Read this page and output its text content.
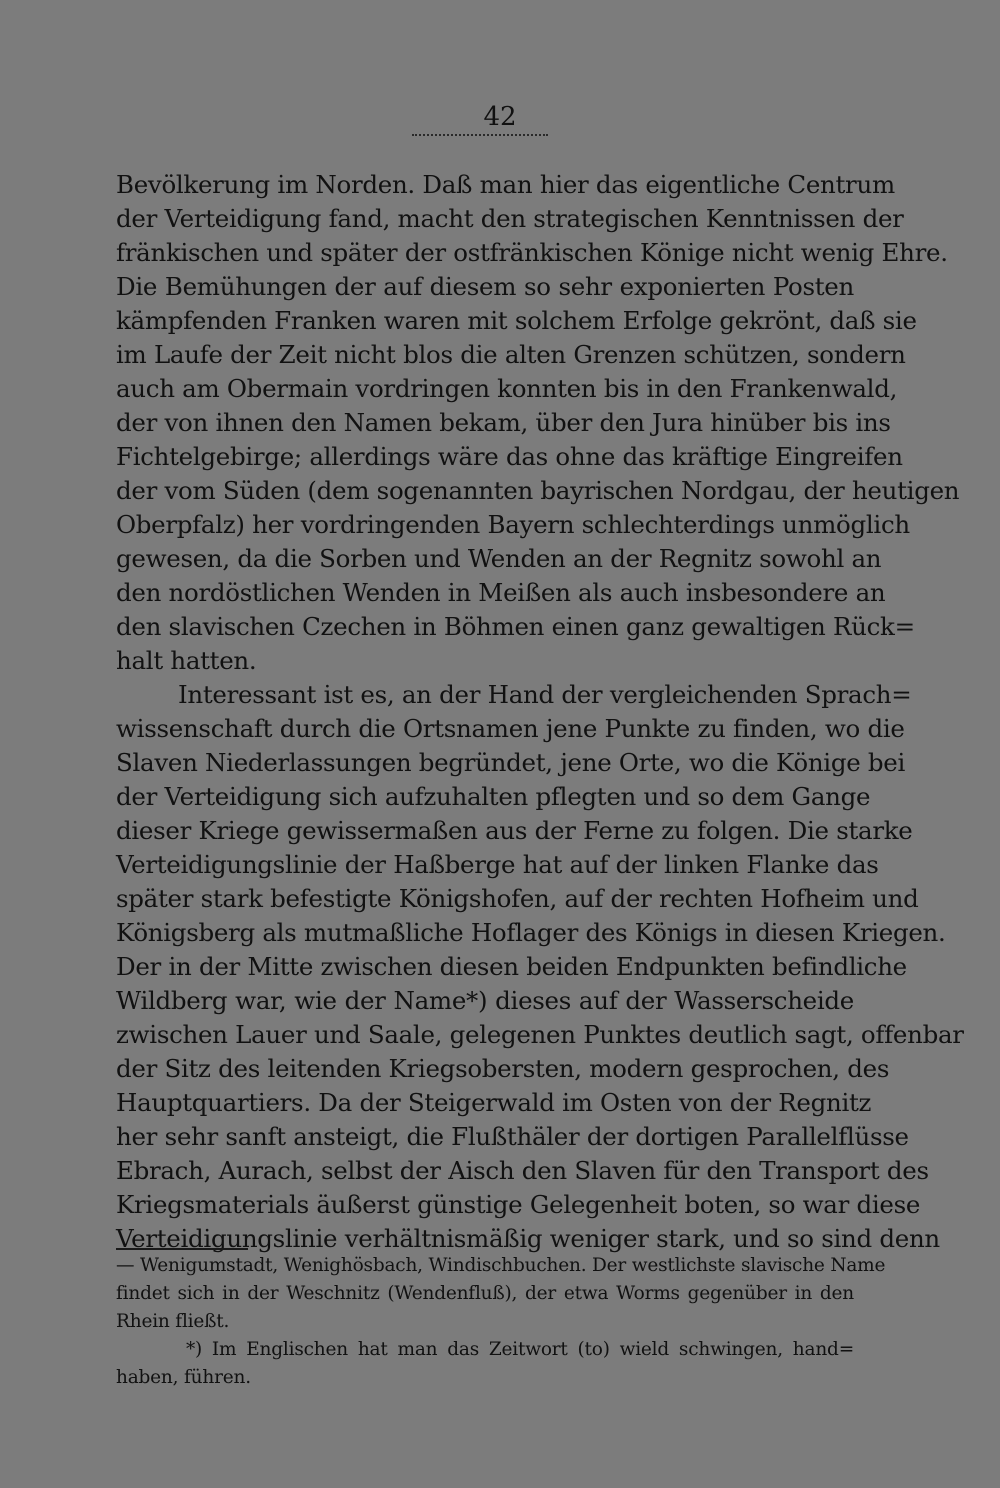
42
Bevölkerung im Norden. Daß man hier das eigentliche Centrum
der Verteidigung fand, macht den strategischen Kenntnissen der
fränkischen und später der ostfränkischen Könige nicht wenig Ehre.
Die Bemühungen der auf diesem so sehr exponierten Posten
kämpfenden Franken waren mit solchem Erfolge gekrönt, daß sie
im Laufe der Zeit nicht blos die alten Grenzen schützen, sondern
auch am Obermain vordringen konnten bis in den Frankenwald,
der von ihnen den Namen bekam, über den Jura hinüber bis ins
Fichtelgebirge; allerdings wäre das ohne das kräftige Eingreifen
der vom Süden (dem sogenannten bayrischen Nordgau, der heutigen
Oberpfalz) her vordringenden Bayern schlechterdings unmöglich
gewesen, da die Sorben und Wenden an der Regnitz sowohl an
den nordöstlichen Wenden in Meißen als auch insbesondere an
den slavischen Czechen in Böhmen einen ganz gewaltigen Rück=
halt hatten.
Interessant ist es, an der Hand der vergleichenden Sprach=
wissenschaft durch die Ortsnamen jene Punkte zu finden, wo die
Slaven Niederlassungen begründet, jene Orte, wo die Könige bei
der Verteidigung sich aufzuhalten pflegten und so dem Gange
dieser Kriege gewissermaßen aus der Ferne zu folgen. Die starke
Verteidigungslinie der Haßberge hat auf der linken Flanke das
später stark befestigte Königshofen, auf der rechten Hofheim und
Königsberg als mutmaßliche Hoflager des Königs in diesen Kriegen.
Der in der Mitte zwischen diesen beiden Endpunkten befindliche
Wildberg war, wie der Name*) dieses auf der Wasserscheide
zwischen Lauer und Saale, gelegenen Punktes deutlich sagt, offenbar
der Sitz des leitenden Kriegsobersten, modern gesprochen, des
Hauptquartiers. Da der Steigerwald im Osten von der Regnitz
her sehr sanft ansteigt, die Flußthäler der dortigen Parallelflüsse
Ebrach, Aurach, selbst der Aisch den Slaven für den Transport des
Kriegsmaterials äußerst günstige Gelegenheit boten, so war diese
Verteidigungslinie verhältnismäßig weniger stark, und so sind denn
— Wenigumstadt, Wenighösbach, Windischbuchen. Der westlichste slavische Name
findet sich in der Weschnitz (Wendenfluß), der etwa Worms gegenüber in den
Rhein fließt.
*) Im Englischen hat man das Zeitwort (to) wield schwingen, hand=
haben, führen.
